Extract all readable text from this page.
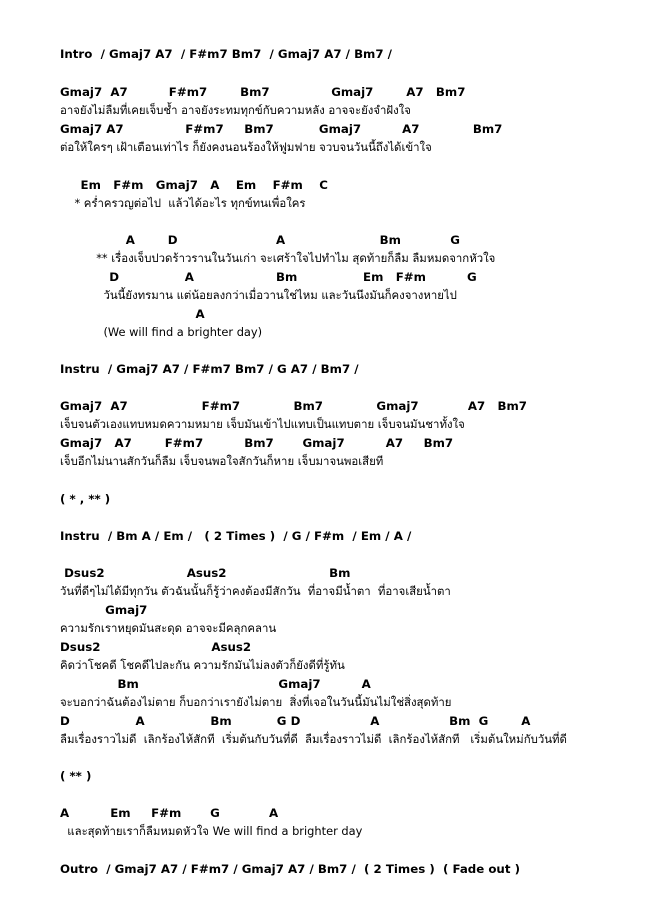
Intro  / Gmaj7 A7  / F#m7 Bm7  / Gmaj7 A7 / Bm7 /
Gmaj7  A7          F#m7        Bm7               Gmaj7        A7   Bm7
อาจยังไม่ลืมที่เคยเจ็บช้ำ อาจยังระทมทุกข์กับความหลัง อาจจะยังจำฝังใจ
Gmaj7 A7               F#m7     Bm7           Gmaj7          A7             Bm7
ต่อให้ใครๆ เฝ้าเตือนเท่าไร ก็ยังคงนอนร้องให้ฟูมฟาย จวบจนวันนี้ถึงได้เข้าใจ
Em   F#m   Gmaj7   A    Em    F#m    C
* คร่ำครวญต่อไป  แล้วได้อะไร ทุกข์ทนเพื่อใคร
A        D                        A                       Bm            G
** เรื่องเจ็บปวดร้าวรานในวันเก่า จะเศร้าใจไปทำไม สุดท้ายก็ลืม ลืมหมดจากหัวใจ
D                A                    Bm                Em   F#m          G
วันนี้ยังทรมาน แต่น้อยลงกว่าเมื่อวานใช่ไหม และวันนึงมันก็คงจางหายไป
A
(We will find a brighter day)
Instru  / Gmaj7 A7 / F#m7 Bm7 / G A7 / Bm7 /
Gmaj7  A7                  F#m7             Bm7             Gmaj7            A7   Bm7
เจ็บจนตัวเองแทบหมดความหมาย เจ็บมันเข้าไปแทบเป็นแทบตาย เจ็บจนมันชาทั้งใจ
Gmaj7   A7        F#m7          Bm7       Gmaj7          A7     Bm7
เจ็บอีกไม่นานสักวันก็ลืม เจ็บจนพอใจสักวันก็หาย เจ็บมาจนพอเสียที
( * , ** )
Instru  / Bm A / Em /   ( 2 Times )  / G / F#m  / Em / A /
Dsus2                    Asus2                         Bm
วันที่ดีๆไม่ได้มีทุกวัน ตัวฉันนั้นก็รู้ว่าคงต้องมีสักวัน  ที่อาจมีน้ำตา  ที่อาจเสียน้ำตา
Gmaj7
ความรักเราหยุดมันสะดุด อาจจะมีคลุกคลาน
Dsus2                           Asus2
คิดว่าโชคดี โชคดีไปละกัน ความรักมันไม่ลงตัวก็ยังดีที่รู้ทัน
Bm                                  Gmaj7          A
จะบอกว่าฉันต้องไม่ตาย ก็บอกว่าเรายังไม่ตาย  สิ่งที่เจอในวันนี้มันไม่ใช่สิ่งสุดท้าย
D                A                Bm           G D                 A                 Bm  G        A
ลืมเรื่องราวไม่ดี  เลิกร้องไห้สักที  เริ่มต้นกับวันที่ดี  ลืมเรื่องราวไม่ดี  เลิกร้องไห้สักที   เริ่มต้นใหม่กับวันที่ดี
( ** )
A          Em     F#m       G            A
และสุดท้ายเราก็ลืมหมดหัวใจ We will find a brighter day
Outro  / Gmaj7 A7 / F#m7 / Gmaj7 A7 / Bm7 /  ( 2 Times )  ( Fade out )
